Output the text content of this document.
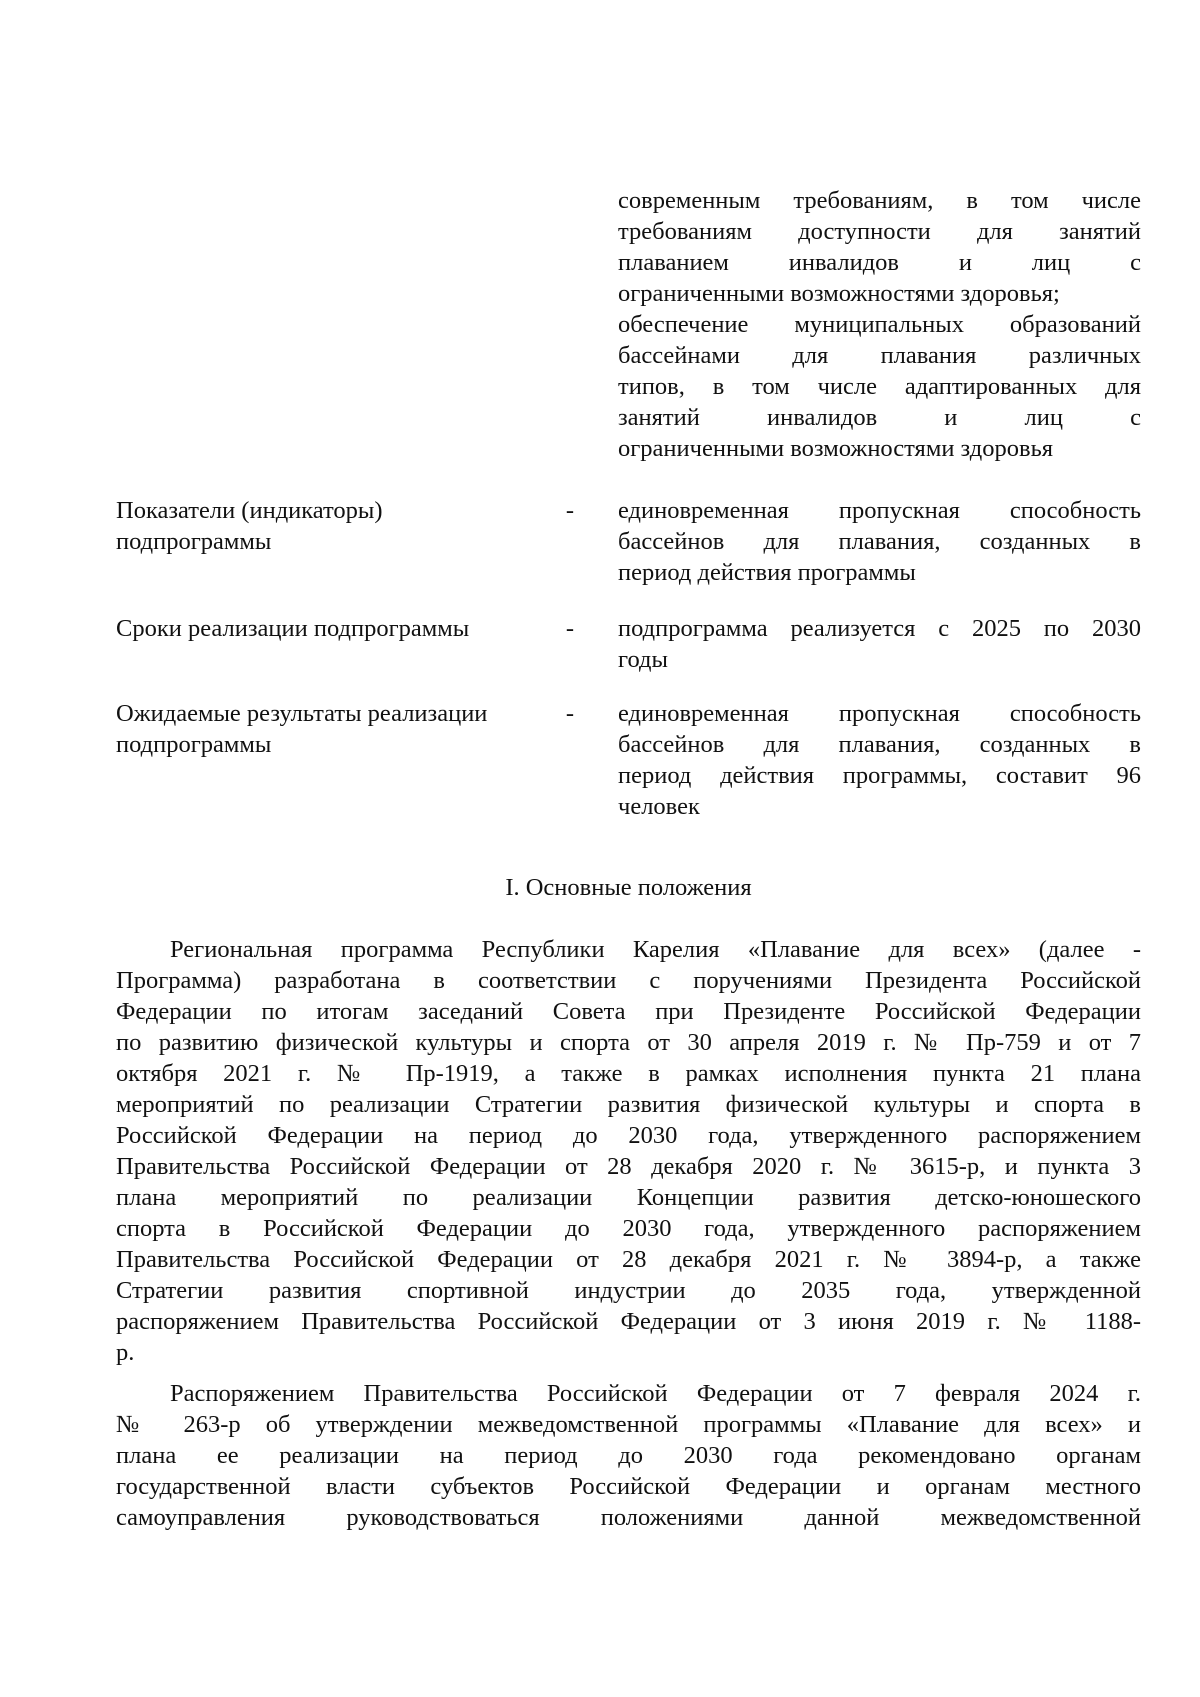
современным требованиям, в том числе
требованиям доступности для занятий
плаванием инвалидов и лиц с
ограниченными возможностями здоровья;
обеспечение муниципальных образований
бассейнами для плавания различных
типов, в том числе адаптированных для
занятий инвалидов и лиц с
ограниченными возможностями здоровья
Показатели (индикаторы)
подпрограммы
- единовременная пропускная способность
бассейнов для плавания, созданных в
период действия программы
Сроки реализации подпрограммы	- подпрограмма реализуется с 2025 по 2030
годы
Ожидаемые результаты реализации
подпрограммы
- единовременная пропускная способность
бассейнов для плавания, созданных в
период действия программы, составит 96
человек
I. Основные положения
Региональная программа Республики Карелия «Плавание для всех» (далее -
Программа) разработана в соответствии с поручениями Президента Российской
Федерации по итогам заседаний Совета при Президенте Российской Федерации
по развитию физической культуры и спорта от 30 апреля 2019 г. № Пр-759 и от 7
октября 2021 г. № Пр-1919, а также в рамках исполнения пункта 21 плана
мероприятий по реализации Стратегии развития физической культуры и спорта в
Российской Федерации на период до 2030 года, утвержденного распоряжением
Правительства Российской Федерации от 28 декабря 2020 г. № 3615-р, и пункта 3
плана мероприятий по реализации Концепции развития детско-юношеского
спорта в Российской Федерации до 2030 года, утвержденного распоряжением
Правительства Российской Федерации от 28 декабря 2021 г. № 3894-р, а также
Стратегии развития спортивной индустрии до 2035 года, утвержденной
распоряжением Правительства Российской Федерации от 3 июня 2019 г. № 1188-
р.
Распоряжением Правительства Российской Федерации от 7 февраля 2024 г.
№ 263-р об утверждении межведомственной программы «Плавание для всех» и
плана ее реализации на период до 2030 года рекомендовано органам
государственной власти субъектов Российской Федерации и органам местного
самоуправления руководствоваться положениями данной межведомственной
